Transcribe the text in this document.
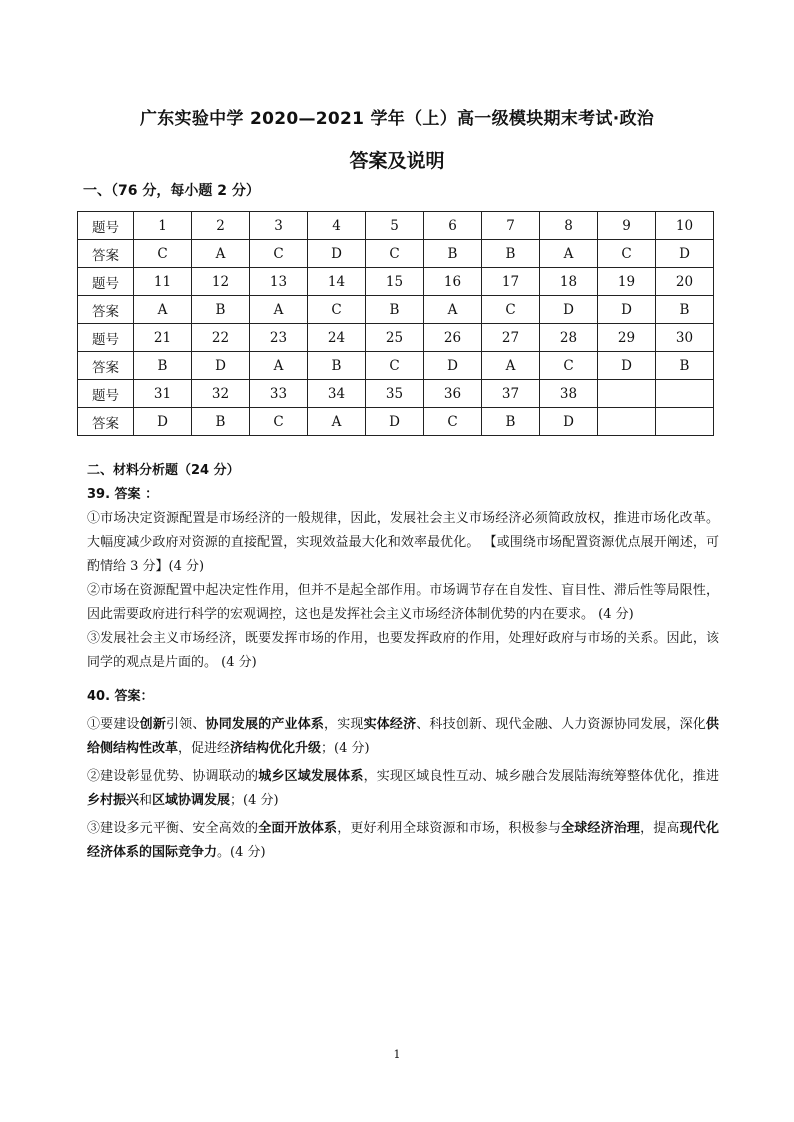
广东实验中学 2020—2021 学年（上）高一级模块期末考试·政治
答案及说明
一、（76 分，每小题 2 分）
题号	1	2	3	4	5	6	7	8	9	10
答案	C	A	C	D	C	B	B	A	C	D
题号	11	12	13	14	15	16	17	18	19	20
答案	A	B	A	C	B	A	C	D	D	B
题号	21	22	23	24	25	26	27	28	29	30
答案	B	D	A	B	C	D	A	C	D	B
题号	31	32	33	34	35	36	37	38		
答案	D	B	C	A	D	C	B	D		

二、材料分析题（24 分）

39. 答案 ：

①市场决定资源配置是市场经济的一般规律，因此，发展社会主义市场经济必须简政放权，推进市场化改革。大幅度减少政府对资源的直接配置，实现效益最大化和效率最优化。 【或围绕市场配置资源优点展开阐述，可酌情给 3 分】(4 分)

②市场在资源配置中起决定性作用，但并不是起全部作用。市场调节存在自发性、盲目性、滞后性等局限性，因此需要政府进行科学的宏观调控，这也是发挥社会主义市场经济体制优势的内在要求。 (4 分)

③发展社会主义市场经济，既要发挥市场的作用，也要发挥政府的作用，处理好政府与市场的关系。因此，该同学的观点是片面的。 (4 分)

40. 答案：

①要建设创新引领、协同发展的产业体系，实现实体经济、科技创新、现代金融、人力资源协同发展，深化供给侧结构性改革，促进经济结构优化升级；(4 分)

②建设彰显优势、协调联动的城乡区域发展体系，实现区域良性互动、城乡融合发展陆海统筹整体优化，推进乡村振兴和区域协调发展；(4 分)

③建设多元平衡、安全高效的全面开放体系，更好利用全球资源和市场，积极参与全球经济治理，提高现代化经济体系的国际竞争力。(4 分)

1
